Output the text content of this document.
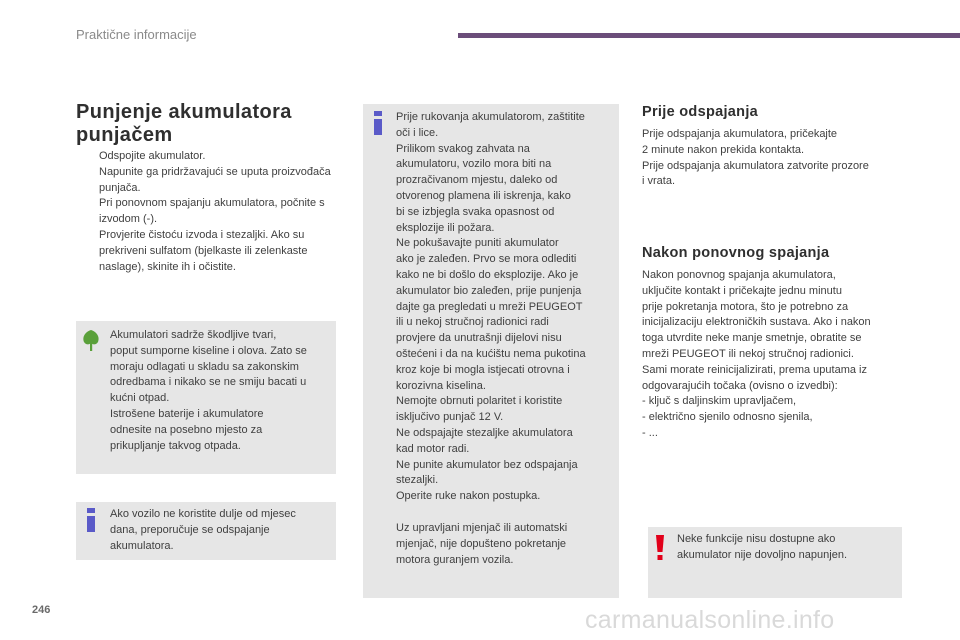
Praktične informacije
Punjenje akumulatora punjačem
Odspojite akumulator.
Napunite ga pridržavajući se uputa proizvođača punjača.
Pri ponovnom spajanju akumulatora, počnite s izvodom (-).
Provjerite čistoću izvoda i stezaljki. Ako su prekriveni sulfatom (bjelkaste ili zelenkaste naslage), skinite ih i očistite.

Akumulatori sadrže škodljive tvari,
poput sumporne kiseline i olova. Zato se
moraju odlagati u skladu sa zakonskim
odredbama i nikako se ne smiju bacati u
kućni otpad.
Istrošene baterije i akumulatore
odnesite na posebno mjesto za
prikupljanje takvog otpada.

Ako vozilo ne koristite dulje od mjesec
dana, preporučuje se odspajanje
akumulatora.

Prije rukovanja akumulatorom, zaštitite
oči i lice.
Prilikom svakog zahvata na
akumulatoru, vozilo mora biti na
prozračivanom mjestu, daleko od
otvorenog plamena ili iskrenja, kako
bi se izbjegla svaka opasnost od
eksplozije ili požara.
Ne pokušavajte puniti akumulator
ako je zaleđen. Prvo se mora odlediti
kako ne bi došlo do eksplozije. Ako je
akumulator bio zaleđen, prije punjenja
dajte ga pregledati u mreži PEUGEOT
ili u nekoj stručnoj radionici radi
provjere da unutrašnji dijelovi nisu
oštećeni i da na kućištu nema pukotina
kroz koje bi mogla istjecati otrovna i
korozivna kiselina.
Nemojte obrnuti polaritet i koristite
isključivo punjač 12 V.
Ne odspajajte stezaljke akumulatora
kad motor radi.
Ne punite akumulator bez odspajanja
stezaljki.
Operite ruke nakon postupka.

Uz upravljani mjenjač ili automatski
mjenjač, nije dopušteno pokretanje
motora guranjem vozila.

Prije odspajanja

Prije odspajanja akumulatora, pričekajte
2 minute nakon prekida kontakta.
Prije odspajanja akumulatora zatvorite prozore
i vrata.

Nakon ponovnog spajanja

Nakon ponovnog spajanja akumulatora,
uključite kontakt i pričekajte jednu minutu
prije pokretanja motora, što je potrebno za
inicijalizaciju elektroničkih sustava. Ako i nakon
toga utvrdite neke manje smetnje, obratite se
mreži PEUGEOT ili nekoj stručnoj radionici.
Sami morate reinicijalizirati, prema uputama iz
odgovarajućih točaka (ovisno o izvedbi):
- ključ s daljinskim upravljačem,
- električno sjenilo odnosno sjenila,
- ...

Neke funkcije nisu dostupne ako
akumulator nije dovoljno napunjen.

246	carmanualsonline.info
